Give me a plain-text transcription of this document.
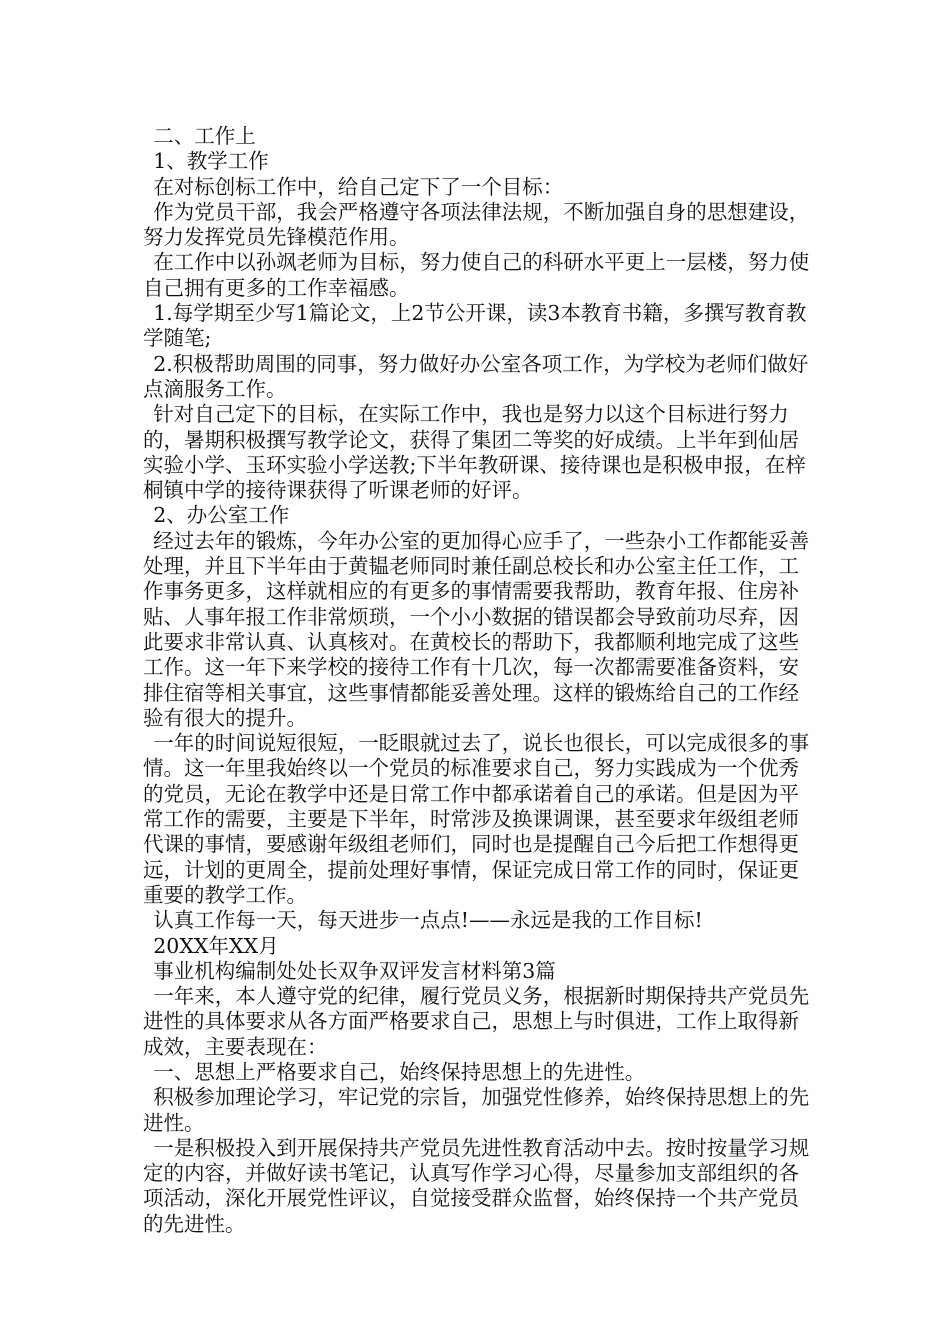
二、工作上

1、教学工作

在对标创标工作中，给自己定下了一个目标：

作为党员干部，我会严格遵守各项法律法规，不断加强自身的思想建设，努力发挥党员先锋模范作用。

在工作中以孙飒老师为目标，努力使自己的科研水平更上一层楼，努力使自己拥有更多的工作幸福感。

1.每学期至少写1篇论文，上2节公开课，读3本教育书籍，多撰写教育教学随笔;

2.积极帮助周围的同事，努力做好办公室各项工作，为学校为老师们做好点滴服务工作。

针对自己定下的目标，在实际工作中，我也是努力以这个目标进行努力的，暑期积极撰写教学论文，获得了集团二等奖的好成绩。上半年到仙居实验小学、玉环实验小学送教;下半年教研课、接待课也是积极申报，在梓桐镇中学的接待课获得了听课老师的好评。

2、办公室工作

经过去年的锻炼，今年办公室的更加得心应手了，一些杂小工作都能妥善处理，并且下半年由于黄韫老师同时兼任副总校长和办公室主任工作，工作事务更多，这样就相应的有更多的事情需要我帮助，教育年报、住房补贴、人事年报工作非常烦琐，一个小小数据的错误都会导致前功尽弃，因此要求非常认真、认真核对。在黄校长的帮助下，我都顺利地完成了这些工作。这一年下来学校的接待工作有十几次，每一次都需要准备资料，安排住宿等相关事宜，这些事情都能妥善处理。这样的锻炼给自己的工作经验有很大的提升。

一年的时间说短很短，一眨眼就过去了，说长也很长，可以完成很多的事情。这一年里我始终以一个党员的标准要求自己，努力实践成为一个优秀的党员，无论在教学中还是日常工作中都承诺着自己的承诺。但是因为平常工作的需要，主要是下半年，时常涉及换课调课，甚至要求年级组老师代课的事情，要感谢年级组老师们，同时也是提醒自己今后把工作想得更远，计划的更周全，提前处理好事情，保证完成日常工作的同时，保证更重要的教学工作。

认真工作每一天，每天进步一点点!——永远是我的工作目标!

20XX年XX月

事业机构编制处处长双争双评发言材料第3篇

一年来，本人遵守党的纪律，履行党员义务，根据新时期保持共产党员先进性的具体要求从各方面严格要求自己，思想上与时俱进，工作上取得新成效，主要表现在：

一、思想上严格要求自己，始终保持思想上的先进性。

积极参加理论学习，牢记党的宗旨，加强党性修养，始终保持思想上的先进性。

一是积极投入到开展保持共产党员先进性教育活动中去。按时按量学习规定的内容，并做好读书笔记，认真写作学习心得，尽量参加支部组织的各项活动，深化开展党性评议，自觉接受群众监督，始终保持一个共产党员的先进性。
